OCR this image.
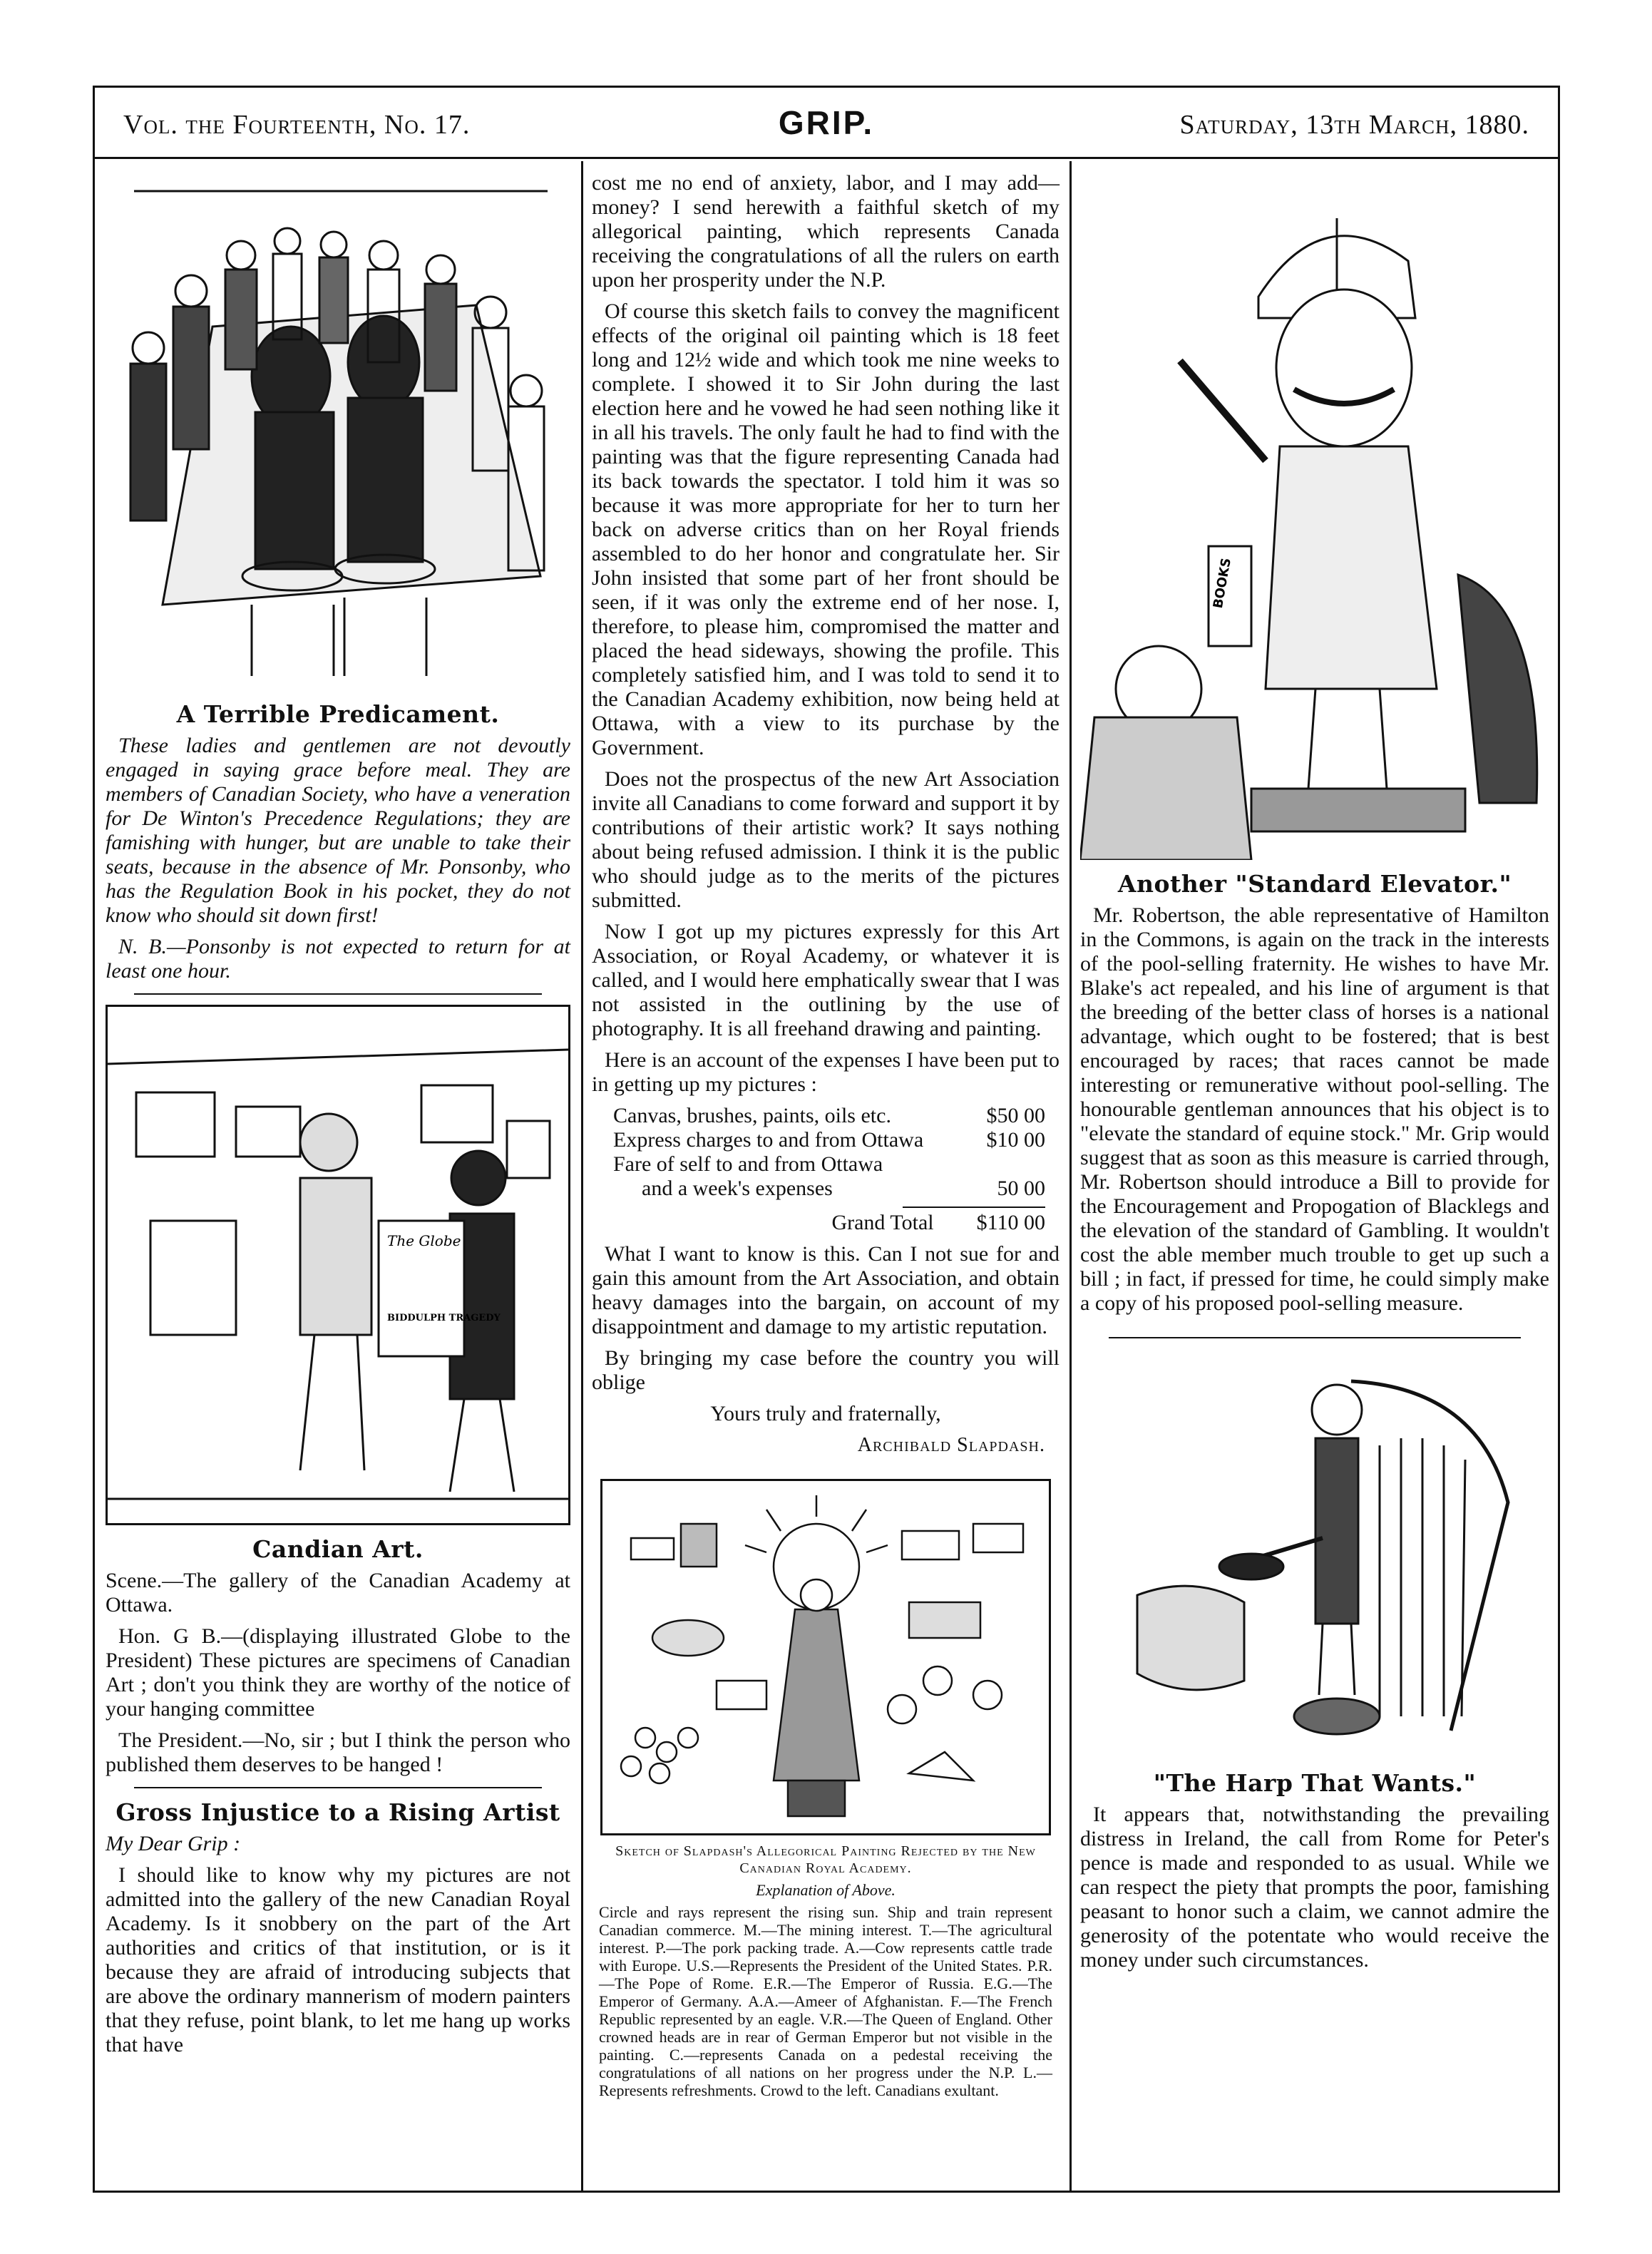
Vol. the Fourteenth, No. 17.	GRIP.	Saturday, 13th March, 1880.
A Terrible Predicament.

These ladies and gentlemen are not devoutly engaged in saying grace before meal. They are members of Canadian Society, who have a veneration for De Winton's Precedence Regulations; they are famishing with hunger, but are unable to take their seats, because in the absence of Mr. Ponsonby, who has the Regulation Book in his pocket, they do not know who should sit down first!

N. B.—Ponsonby is not expected to return for at least one hour.

The Globe
BIDDULPH TRAGEDY
Candian Art.

Scene.—The gallery of the Canadian Academy at Ottawa.

Hon. G B.—(displaying illustrated Globe to the President) These pictures are specimens of Canadian Art ; don't you think they are worthy of the notice of your hanging committee

The President.—No, sir ; but I think the person who published them deserves to be hanged !

Gross Injustice to a Rising Artist

My Dear Grip :

I should like to know why my pictures are not admitted into the gallery of the new Canadian Royal Academy. Is it snobbery on the part of the Art authorities and critics of that institution, or is it because they are afraid of introducing subjects that are above the ordinary mannerism of modern painters that they refuse, point blank, to let me hang up works that have

cost me no end of anxiety, labor, and I may add—money? I send herewith a faithful sketch of my allegorical painting, which represents Canada receiving the congratulations of all the rulers on earth upon her prosperity under the N.P.

Of course this sketch fails to convey the magnificent effects of the original oil painting which is 18 feet long and 12½ wide and which took me nine weeks to complete. I showed it to Sir John during the last election here and he vowed he had seen nothing like it in all his travels. The only fault he had to find with the painting was that the figure representing Canada had its back towards the spectator. I told him it was so because it was more appropriate for her to turn her back on adverse critics than on her Royal friends assembled to do her honor and congratulate her. Sir John insisted that some part of her front should be seen, if it was only the extreme end of her nose. I, therefore, to please him, compromised the matter and placed the head sideways, showing the profile. This completely satisfied him, and I was told to send it to the Canadian Academy exhibition, now being held at Ottawa, with a view to its purchase by the Government.

Does not the prospectus of the new Art Association invite all Canadians to come forward and support it by contributions of their artistic work? It says nothing about being refused admission. I think it is the public who should judge as to the merits of the pictures submitted.

Now I got up my pictures expressly for this Art Association, or Royal Academy, or whatever it is called, and I would here emphatically swear that I was not assisted in the outlining by the use of photography. It is all freehand drawing and painting.

Here is an account of the expenses I have been put to in getting up my pictures :

Canvas, brushes, paints, oils etc.	$50 00
Express charges to and from Ottawa	$10 00
Fare of self to and from Ottawa
and a week's expenses	50 00
Grand Total $110 00

What I want to know is this. Can I not sue for and gain this amount from the Art Association, and obtain heavy damages into the bargain, on account of my disappointment and damage to my artistic reputation.

By bringing my case before the country you will oblige

Yours truly and fraternally,

Archibald Slapdash.

Sketch of Slapdash's Allegorical Painting Rejected by the New Canadian Royal Academy.
Explanation of Above.
Circle and rays represent the rising sun. Ship and train represent Canadian commerce. M.—The mining interest. T.—The agricultural interest. P.—The pork packing trade. A.—Cow represents cattle trade with Europe. U.S.—Represents the President of the United States. P.R.—The Pope of Rome. E.R.—The Emperor of Russia. E.G.—The Emperor of Germany. A.A.—Ameer of Afghanistan. F.—The French Republic represented by an eagle. V.R.—The Queen of England. Other crowned heads are in rear of German Emperor but not visible in the painting. C.—represents Canada on a pedestal receiving the congratulations of all nations on her progress under the N.P. L.—Represents refreshments. Crowd to the left. Canadians exultant.
BOOKS
Another "Standard Elevator."

Mr. Robertson, the able representative of Hamilton in the Commons, is again on the track in the interests of the pool-selling fraternity. He wishes to have Mr. Blake's act repealed, and his line of argument is that the breeding of the better class of horses is a national advantage, which ought to be fostered; that is best encouraged by races; that races cannot be made interesting or remunerative without pool-selling. The honourable gentleman announces that his object is to "elevate the standard of equine stock." Mr. Grip would suggest that as soon as this measure is carried through, Mr. Robertson should introduce a Bill to provide for the Encouragement and Propogation of Blacklegs and the elevation of the standard of Gambling. It wouldn't cost the able member much trouble to get up such a bill ; in fact, if pressed for time, he could simply make a copy of his proposed pool-selling measure.

"The Harp That Wants."

It appears that, notwithstanding the prevailing distress in Ireland, the call from Rome for Peter's pence is made and responded to as usual. While we can respect the piety that prompts the poor, famishing peasant to honor such a claim, we cannot admire the generosity of the potentate who would receive the money under such circumstances.
